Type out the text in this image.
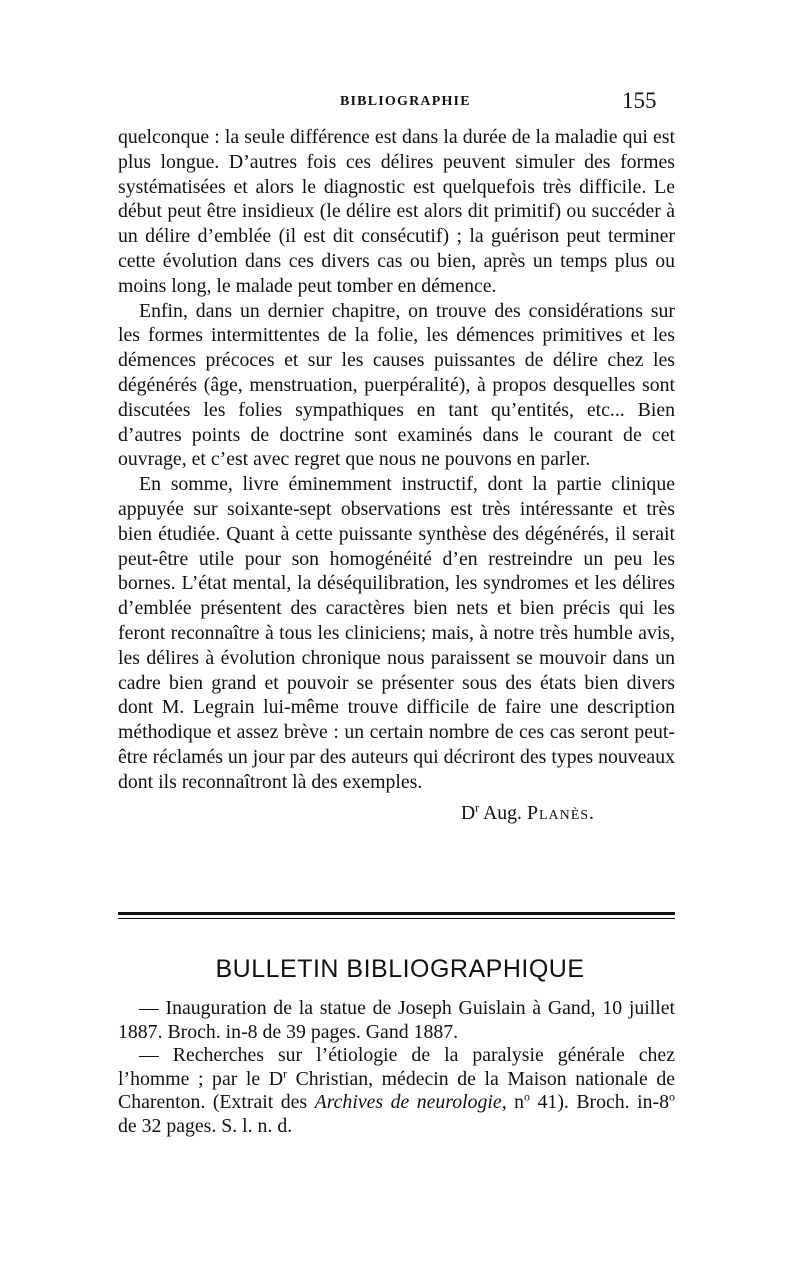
BIBLIOGRAPHIE	155

quelconque : la seule différence est dans la durée de la maladie qui est plus longue. D’autres fois ces délires peuvent simuler des formes systématisées et alors le diagnostic est quelquefois très difficile. Le début peut être insidieux (le délire est alors dit primitif) ou succéder à un délire d’emblée (il est dit consécutif) ; la guérison peut terminer cette évolution dans ces divers cas ou bien, après un temps plus ou moins long, le malade peut tomber en démence.

Enfin, dans un dernier chapitre, on trouve des considérations sur les formes intermittentes de la folie, les démences primitives et les démences précoces et sur les causes puissantes de délire chez les dégénérés (âge, menstruation, puerpéralité), à propos desquelles sont discutées les folies sympathiques en tant qu’entités, etc... Bien d’autres points de doctrine sont examinés dans le courant de cet ouvrage, et c’est avec regret que nous ne pouvons en parler.

En somme, livre éminemment instructif, dont la partie clinique appuyée sur soixante-sept observations est très intéressante et très bien étudiée. Quant à cette puissante synthèse des dégénérés, il serait peut-être utile pour son homogénéité d’en restreindre un peu les bornes. L’état mental, la déséquilibration, les syndromes et les délires d’emblée présentent des caractères bien nets et bien précis qui les feront reconnaître à tous les cliniciens; mais, à notre très humble avis, les délires à évolution chronique nous paraissent se mouvoir dans un cadre bien grand et pouvoir se présenter sous des états bien divers dont M. Legrain lui-même trouve difficile de faire une description méthodique et assez brève : un certain nombre de ces cas seront peut-être réclamés un jour par des auteurs qui décriront des types nouveaux dont ils reconnaîtront là des exemples.

$D^r$ Aug. Planès.
BULLETIN BIBLIOGRAPHIQUE

— Inauguration de la statue de Joseph Guislain à Gand, 10 juillet 1887. Broch. in-8 de 39 pages. Gand 1887.

— Recherches sur l’étiologie de la paralysie générale chez l’homme ; par le $D^r$ Christian, médecin de la Maison nationale de Charenton. (Extrait des Archives de neurologie, $n^o$ 41). Broch. in-8$^o$ de 32 pages. S. l. n. d.
